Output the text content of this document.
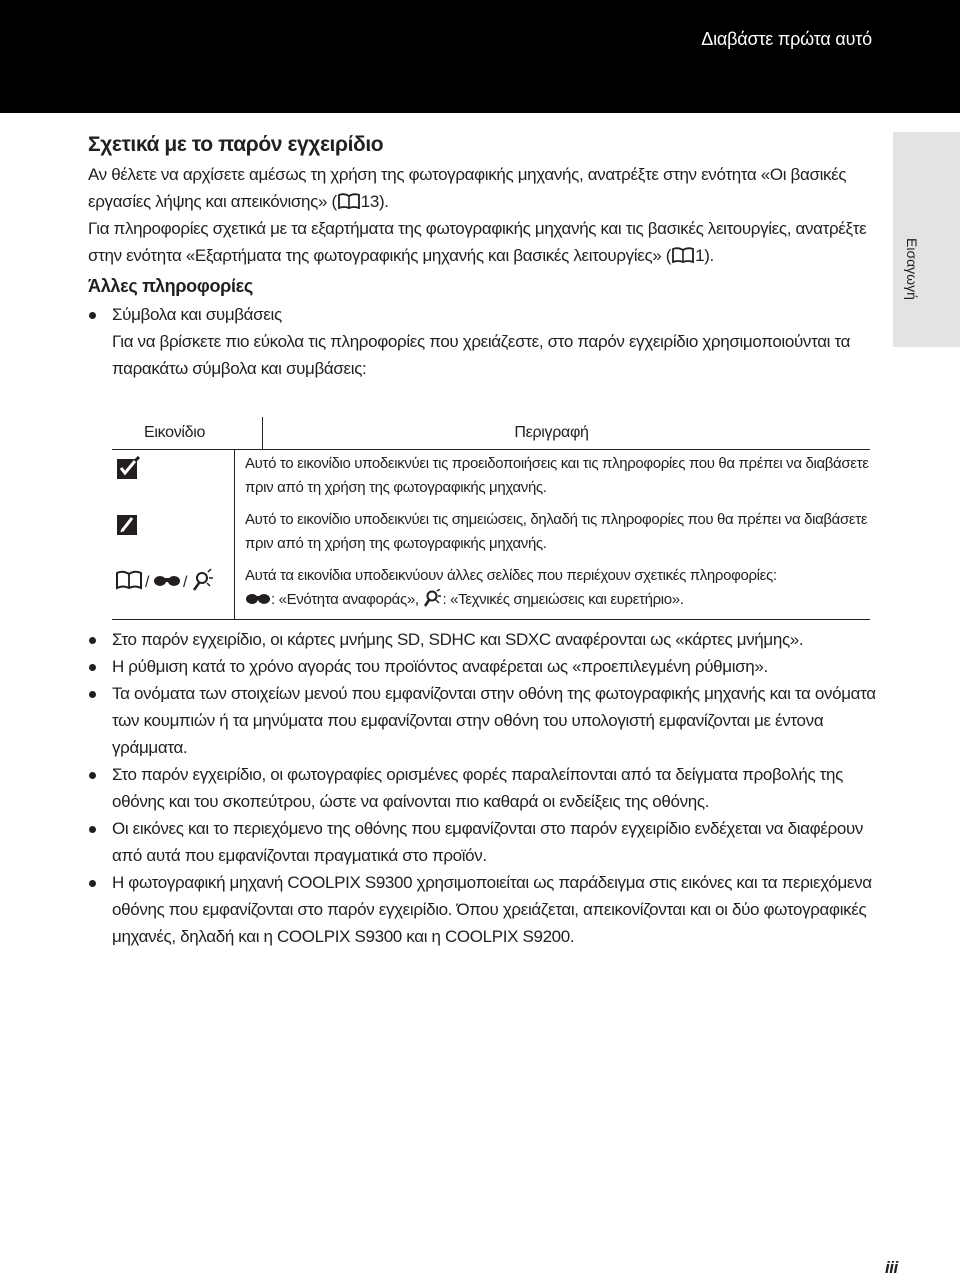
Διαβάστε πρώτα αυτό
Εισαγωγή
Σχετικά με το παρόν εγχειρίδιο

Αν θέλετε να αρχίσετε αμέσως τη χρήση της φωτογραφικής μηχανής, ανατρέξτε στην ενότητα «Οι βασικές εργασίες λήψης και απεικόνισης» ( 13).

Για πληροφορίες σχετικά με τα εξαρτήματα της φωτογραφικής μηχανής και τις βασικές λειτουργίες, ανατρέξτε στην ενότητα «Εξαρτήματα της φωτογραφικής μηχανής και βασικές λειτουργίες» ( 1).

Άλλες πληροφορίες
Σύμβολα και συμβάσεις
Για να βρίσκετε πιο εύκολα τις πληροφορίες που χρειάζεστε, στο παρόν εγχειρίδιο χρησιμοποιούνται τα παρακάτω σύμβολα και συμβάσεις:
Εικονίδιο	Περιγραφή
Αυτό το εικονίδιο υποδεικνύει τις προειδοποιήσεις και τις πληροφορίες που θα πρέπει να διαβάσετε πριν από τη χρήση της φωτογραφικής μηχανής.
Αυτό το εικονίδιο υποδεικνύει τις σημειώσεις, δηλαδή τις πληροφορίες που θα πρέπει να διαβάσετε πριν από τη χρήση της φωτογραφικής μηχανής.
/ /	Αυτά τα εικονίδια υποδεικνύουν άλλες σελίδες που περιέχουν σχετικές πληροφορίες:
: «Ενότητα αναφοράς», : «Τεχνικές σημειώσεις και ευρετήριο».
Στο παρόν εγχειρίδιο, οι κάρτες μνήμης SD, SDHC και SDXC αναφέρονται ως «κάρτες μνήμης».
Η ρύθμιση κατά το χρόνο αγοράς του προϊόντος αναφέρεται ως «προεπιλεγμένη ρύθμιση».
Τα ονόματα των στοιχείων μενού που εμφανίζονται στην οθόνη της φωτογραφικής μηχανής και τα ονόματα των κουμπιών ή τα μηνύματα που εμφανίζονται στην οθόνη του υπολογιστή εμφανίζονται με έντονα γράμματα.
Στο παρόν εγχειρίδιο, οι φωτογραφίες ορισμένες φορές παραλείπονται από τα δείγματα προβολής της οθόνης και του σκοπεύτρου, ώστε να φαίνονται πιο καθαρά οι ενδείξεις της οθόνης.
Οι εικόνες και το περιεχόμενο της οθόνης που εμφανίζονται στο παρόν εγχειρίδιο ενδέχεται να διαφέρουν από αυτά που εμφανίζονται πραγματικά στο προϊόν.
Η φωτογραφική μηχανή COOLPIX S9300 χρησιμοποιείται ως παράδειγμα στις εικόνες και τα περιεχόμενα οθόνης που εμφανίζονται στο παρόν εγχειρίδιο. Όπου χρειάζεται, απεικονίζονται και οι δύο φωτογραφικές μηχανές, δηλαδή και η COOLPIX S9300 και η COOLPIX S9200.
iii
